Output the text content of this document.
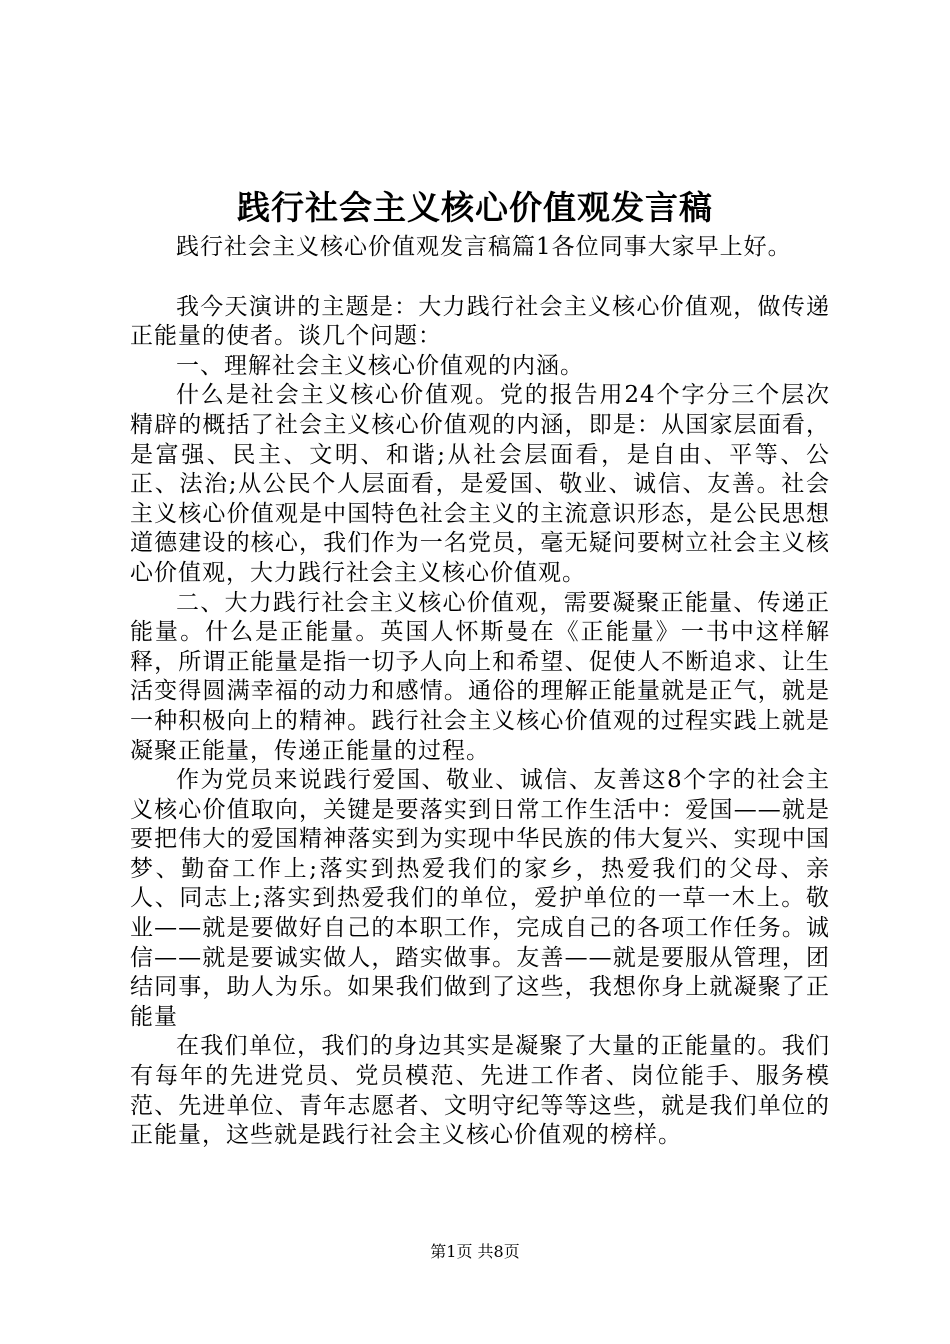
践行社会主义核心价值观发言稿

践行社会主义核心价值观发言稿篇1各位同事大家早上好。

我今天演讲的主题是：大力践行社会主义核心价值观，做传递正能量的使者。谈几个问题：

一、理解社会主义核心价值观的内涵。

什么是社会主义核心价值观。党的报告用24个字分三个层次精辟的概括了社会主义核心价值观的内涵，即是：从国家层面看，是富强、民主、文明、和谐;从社会层面看，是自由、平等、公正、法治;从公民个人层面看，是爱国、敬业、诚信、友善。社会主义核心价值观是中国特色社会主义的主流意识形态，是公民思想道德建设的核心，我们作为一名党员，毫无疑问要树立社会主义核心价值观，大力践行社会主义核心价值观。

二、大力践行社会主义核心价值观，需要凝聚正能量、传递正能量。什么是正能量。英国人怀斯曼在《正能量》一书中这样解释，所谓正能量是指一切予人向上和希望、促使人不断追求、让生活变得圆满幸福的动力和感情。通俗的理解正能量就是正气，就是一种积极向上的精神。践行社会主义核心价值观的过程实践上就是凝聚正能量，传递正能量的过程。

作为党员来说践行爱国、敬业、诚信、友善这8个字的社会主义核心价值取向，关键是要落实到日常工作生活中：爱国——就是要把伟大的爱国精神落实到为实现中华民族的伟大复兴、实现中国梦、勤奋工作上;落实到热爱我们的家乡，热爱我们的父母、亲人、同志上;落实到热爱我们的单位，爱护单位的一草一木上。敬业——就是要做好自己的本职工作，完成自己的各项工作任务。诚信——就是要诚实做人，踏实做事。友善——就是要服从管理，团结同事，助人为乐。如果我们做到了这些，我想你身上就凝聚了正能量

在我们单位，我们的身边其实是凝聚了大量的正能量的。我们有每年的先进党员、党员模范、先进工作者、岗位能手、服务模范、先进单位、青年志愿者、文明守纪等等这些，就是我们单位的正能量，这些就是践行社会主义核心价值观的榜样。

第1页 共8页
